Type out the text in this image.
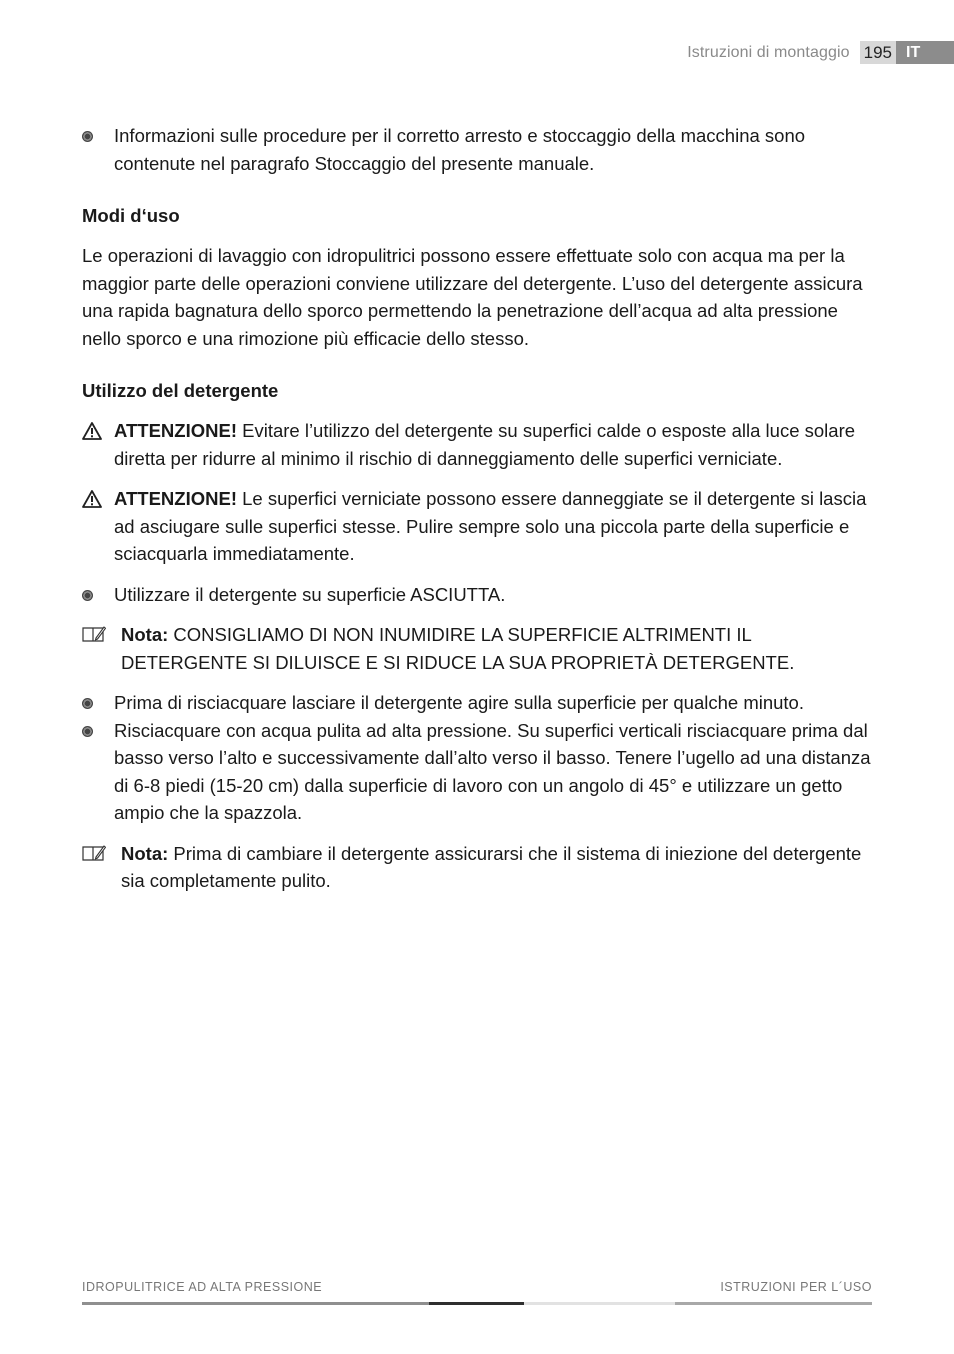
Istruzioni di montaggio 195 IT
Informazioni sulle procedure per il corretto arresto e stoccaggio della macchina sono contenute nel paragrafo Stoccaggio del presente manuale.
Modi d‘uso

Le operazioni di lavaggio con idropulitrici possono essere effettuate solo con acqua ma per la maggior parte delle operazioni conviene utilizzare del detergente. L’uso del detergente assicura una rapida bagnatura dello sporco permettendo la penetrazione dell’acqua ad alta pressione nello sporco e una rimozione più efficacie dello stesso.

Utilizzo del detergente
ATTENZIONE! Evitare l’utilizzo del detergente su superfici calde o esposte alla luce solare diretta per ridurre al minimo il rischio di danneggiamento delle superfici verniciate.
ATTENZIONE! Le superfici verniciate possono essere danneggiate se il detergente si lascia ad asciugare sulle superfici stesse. Pulire sempre solo una piccola parte della superficie e sciacquarla immediatamente.
Utilizzare il detergente su superficie ASCIUTTA.
Nota: CONSIGLIAMO DI NON INUMIDIRE LA SUPERFICIE ALTRIMENTI IL DETERGENTE SI DILUISCE E SI RIDUCE LA SUA PROPRIETÀ DETERGENTE.
Prima di risciacquare lasciare il detergente agire sulla superficie per qualche minuto.
Risciacquare con acqua pulita ad alta pressione. Su superfici verticali risciacquare prima dal basso verso l’alto e successivamente dall’alto verso il basso. Tenere l’ugello ad una distanza di 6-8 piedi (15-20 cm) dalla superficie di lavoro con un angolo di 45° e utilizzare un getto ampio che la spazzola.
Nota: Prima di cambiare il detergente assicurarsi che il sistema di iniezione del detergente sia completamente pulito.
IDROPULITRICE AD ALTA PRESSIONE	ISTRUZIONI PER L´USO
